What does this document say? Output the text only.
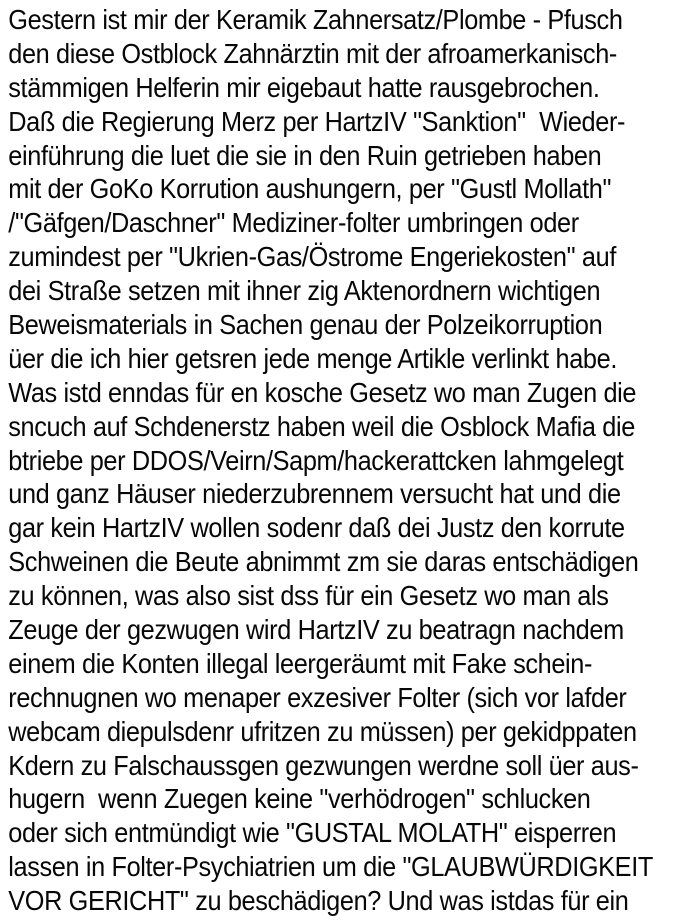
Gestern ist mir der Keramik Zahnersatz/Plombe - Pfusch
den diese Ostblock Zahnärztin mit der afroamerkanisch-
stämmigen Helferin mir eigebaut hatte rausgebrochen.
Daß die Regierung Merz per HartzIV "Sanktion"  Wieder-
einführung die luet die sie in den Ruin getrieben haben
mit der GoKo Korrution aushungern, per "Gustl Mollath"
/"Gäfgen/Daschner" Mediziner-folter umbringen oder
zumindest per "Ukrien-Gas/Östrome Engeriekosten" auf
dei Straße setzen mit ihner zig Aktenordnern wichtigen
Beweismaterials in Sachen genau der Polzeikorruption
üer die ich hier getsren jede menge Artikle verlinkt habe.
Was istd enndas für en kosche Gesetz wo man Zugen die
sncuch auf Schdenerstz haben weil die Osblock Mafia die
btriebe per DDOS/Veirn/Sapm/hackerattcken lahmgelegt
und ganz Häuser niederzubrennem versucht hat und die
gar kein HartzIV wollen sodenr daß dei Justz den korrute
Schweinen die Beute abnimmt zm sie daras entschädigen
zu können, was also sist dss für ein Gesetz wo man als
Zeuge der gezwugen wird HartzIV zu beatragn nachdem
einem die Konten illegal leergeräumt mit Fake schein-
rechnugnen wo menaper exzesiver Folter (sich vor lafder
webcam diepulsdenr ufritzen zu müssen) per gekidppaten
Kdern zu Falschaussgen gezwungen werdne soll üer aus-
hugern  wenn Zuegen keine "verhödrogen" schlucken
oder sich entmündigt wie "GUSTAL MOLATH" eisperren
lassen in Folter-Psychiatrien um die "GLAUBWÜRDIGKEIT
VOR GERICHT" zu beschädigen? Und was istdas für ein
